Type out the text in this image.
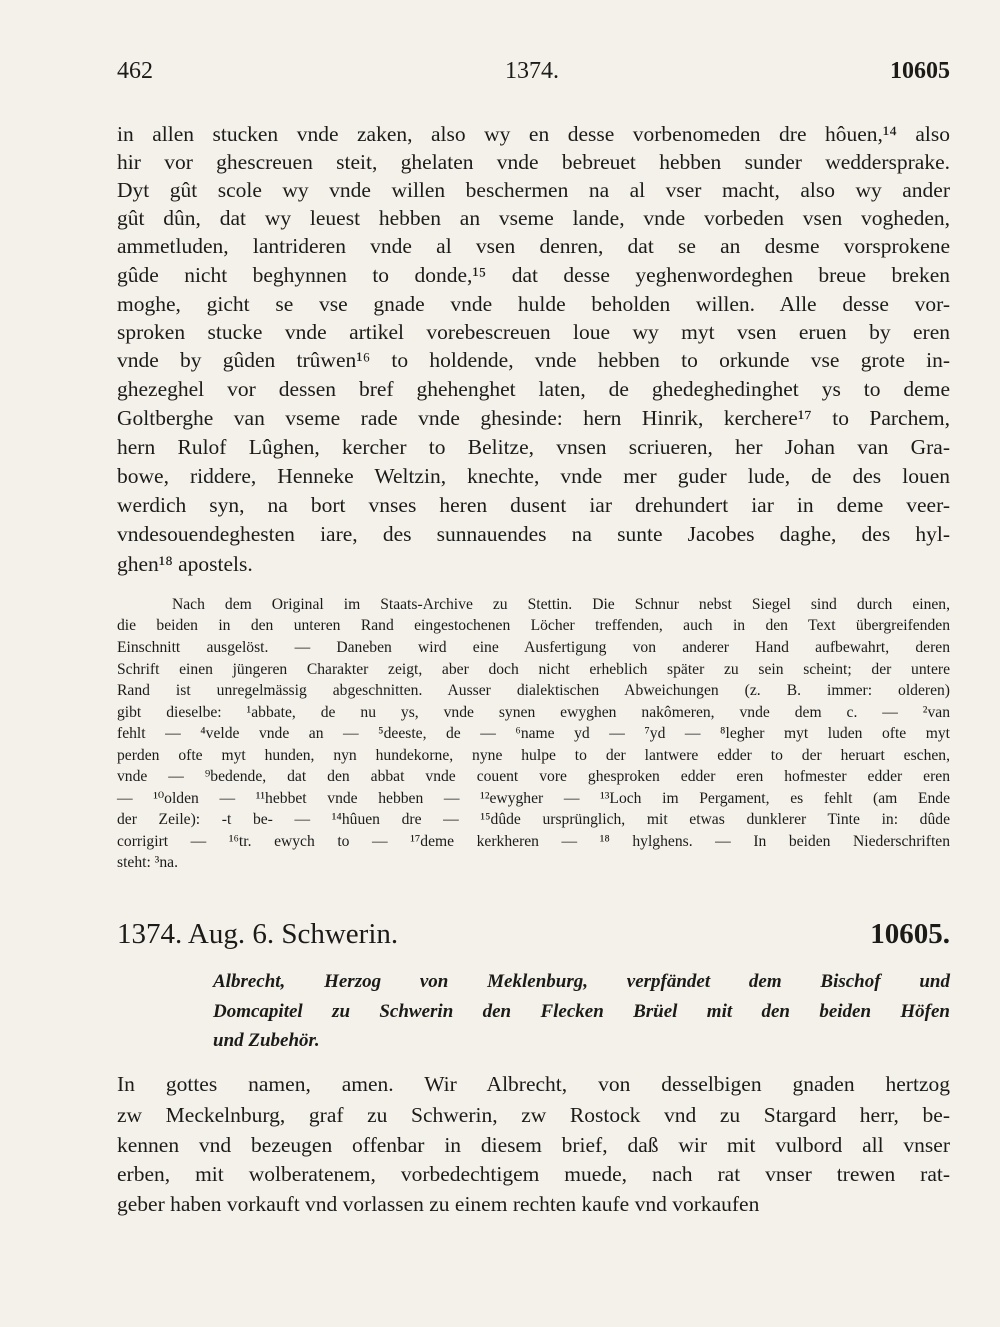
462	1374.	10605
in allen stucken vnde zaken, also wy en desse vorbenomeden dre hôuen,¹⁴ also
hir vor ghescreuen steit, ghelaten vnde bebreuet hebben sunder weddersprake.
Dyt gût scole wy vnde willen beschermen na al vser macht, also wy ander
gût dûn, dat wy leuest hebben an vseme lande, vnde vorbeden vsen vogheden,
ammetluden, lantrideren vnde al vsen denren, dat se an desme vorsprokene
gûde nicht beghynnen to donde,¹⁵ dat desse yeghenwordeghen breue breken
moghe, gicht se vse gnade vnde hulde beholden willen. Alle desse vor-
sproken stucke vnde artikel vorebescreuen loue wy myt vsen eruen by eren
vnde by gûden trûwen¹⁶ to holdende, vnde hebben to orkunde vse grote in-
ghezeghel vor dessen bref ghehenghet laten, de ghedeghedinghet ys to deme
Goltberghe van vseme rade vnde ghesinde: hern Hinrik, kerchere¹⁷ to Parchem,
hern Rulof Lûghen, kercher to Belitze, vnsen scriueren, her Johan van Gra-
bowe, riddere, Henneke Weltzin, knechte, vnde mer guder lude, de des louen
werdich syn, na bort vnses heren dusent iar drehundert iar in deme veer-
vndesouendeghesten iare, des sunnauendes na sunte Jacobes daghe, des hyl-
ghen¹⁸ apostels.
Nach dem Original im Staats-Archive zu Stettin. Die Schnur nebst Siegel sind durch einen,
die beiden in den unteren Rand eingestochenen Löcher treffenden, auch in den Text übergreifenden
Einschnitt ausgelöst. — Daneben wird eine Ausfertigung von anderer Hand aufbewahrt, deren
Schrift einen jüngeren Charakter zeigt, aber doch nicht erheblich später zu sein scheint; der untere
Rand ist unregelmässig abgeschnitten. Ausser dialektischen Abweichungen (z. B. immer: olderen)
gibt dieselbe: ¹abbate, de nu ys, vnde synen ewyghen nakômeren, vnde dem c. — ²van
fehlt — ⁴velde vnde an — ⁵deeste, de — ⁶name yd — ⁷yd — ⁸legher myt luden ofte myt
perden ofte myt hunden, nyn hundekorne, nyne hulpe to der lantwere edder to der heruart eschen,
vnde — ⁹bedende, dat den abbat vnde couent vore ghesproken edder eren hofmester edder eren
— ¹⁰olden — ¹¹hebbet vnde hebben — ¹²ewygher — ¹³Loch im Pergament, es fehlt (am Ende
der Zeile): -t be- — ¹⁴hûuen dre — ¹⁵dûde ursprünglich, mit etwas dunklerer Tinte in: dûde
corrigirt — ¹⁶tr. ewych to — ¹⁷deme kerkheren — ¹⁸ hylghens. — In beiden Niederschriften
steht: ³na.
1374. Aug. 6. Schwerin.	10605.
Albrecht, Herzog von Meklenburg, verpfändet dem Bischof und
Domcapitel zu Schwerin den Flecken Brüel mit den beiden Höfen
und Zubehör.
In gottes namen, amen. Wir Albrecht, von desselbigen gnaden hertzog
zw Meckelnburg, graf zu Schwerin, zw Rostock vnd zu Stargard herr, be-
kennen vnd bezeugen offenbar in diesem brief, daß wir mit vulbord all vnser
erben, mit wolberatenem, vorbedechtigem muede, nach rat vnser trewen rat-
geber haben vorkauft vnd vorlassen zu einem rechten kaufe vnd vorkaufen
